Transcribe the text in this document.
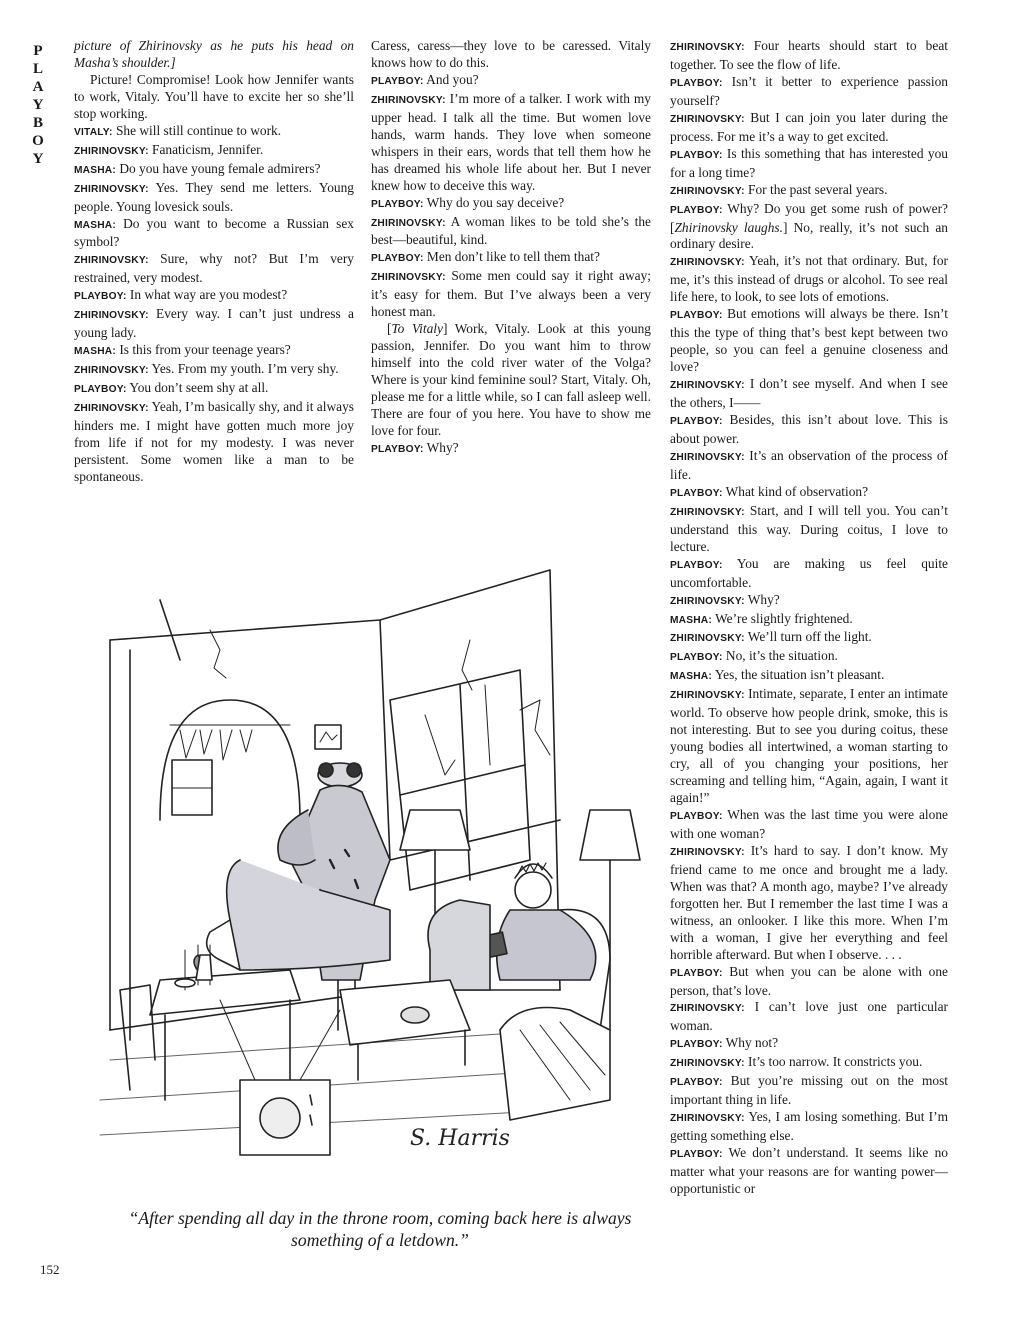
P
L
A
Y
B
O
Y

picture of Zhirinovsky as he puts his head on Masha’s shoulder.]

Picture! Compromise! Look how Jennifer wants to work, Vitaly. You’ll have to excite her so she’ll stop working.

VITALY: She will still continue to work.

ZHIRINOVSKY: Fanaticism, Jennifer.

MASHA: Do you have young female admirers?

ZHIRINOVSKY: Yes. They send me letters. Young people. Young lovesick souls.

MASHA: Do you want to become a Russian sex symbol?

ZHIRINOVSKY: Sure, why not? But I’m very restrained, very modest.

PLAYBOY: In what way are you modest?

ZHIRINOVSKY: Every way. I can’t just undress a young lady.

MASHA: Is this from your teenage years?

ZHIRINOVSKY: Yes. From my youth. I’m very shy.

PLAYBOY: You don’t seem shy at all.

ZHIRINOVSKY: Yeah, I’m basically shy, and it always hinders me. I might have gotten much more joy from life if not for my modesty. I was never persistent. Some women like a man to be spontaneous.

Caress, caress—they love to be caressed. Vitaly knows how to do this.

PLAYBOY: And you?

ZHIRINOVSKY: I’m more of a talker. I work with my upper head. I talk all the time. But women love hands, warm hands. They love when someone whispers in their ears, words that tell them how he has dreamed his whole life about her. But I never knew how to deceive this way.

PLAYBOY: Why do you say deceive?

ZHIRINOVSKY: A woman likes to be told she’s the best—beautiful, kind.

PLAYBOY: Men don’t like to tell them that?

ZHIRINOVSKY: Some men could say it right away; it’s easy for them. But I’ve always been a very honest man.

[To Vitaly] Work, Vitaly. Look at this young passion, Jennifer. Do you want him to throw himself into the cold river water of the Volga? Where is your kind feminine soul? Start, Vitaly. Oh, please me for a little while, so I can fall asleep well. There are four of you here. You have to show me love for four.

PLAYBOY: Why?

ZHIRINOVSKY: Four hearts should start to beat together. To see the flow of life.

PLAYBOY: Isn’t it better to experience passion yourself?

ZHIRINOVSKY: But I can join you later during the process. For me it’s a way to get excited.

PLAYBOY: Is this something that has interested you for a long time?

ZHIRINOVSKY: For the past several years.

PLAYBOY: Why? Do you get some rush of power? [Zhirinovsky laughs.] No, really, it’s not such an ordinary desire.

ZHIRINOVSKY: Yeah, it’s not that ordinary. But, for me, it’s this instead of drugs or alcohol. To see real life here, to look, to see lots of emotions.

PLAYBOY: But emotions will always be there. Isn’t this the type of thing that’s best kept between two people, so you can feel a genuine closeness and love?

ZHIRINOVSKY: I don’t see myself. And when I see the others, I——

PLAYBOY: Besides, this isn’t about love. This is about power.

ZHIRINOVSKY: It’s an observation of the process of life.

PLAYBOY: What kind of observation?

ZHIRINOVSKY: Start, and I will tell you. You can’t understand this way. During coitus, I love to lecture.

PLAYBOY: You are making us feel quite uncomfortable.

ZHIRINOVSKY: Why?

MASHA: We’re slightly frightened.

ZHIRINOVSKY: We’ll turn off the light.

PLAYBOY: No, it’s the situation.

MASHA: Yes, the situation isn’t pleasant.

ZHIRINOVSKY: Intimate, separate, I enter an intimate world. To observe how people drink, smoke, this is not interesting. But to see you during coitus, these young bodies all intertwined, a woman starting to cry, all of you changing your positions, her screaming and telling him, “Again, again, I want it again!”

PLAYBOY: When was the last time you were alone with one woman?

ZHIRINOVSKY: It’s hard to say. I don’t know. My friend came to me once and brought me a lady. When was that? A month ago, maybe? I’ve already forgotten her. But I remember the last time I was a witness, an onlooker. I like this more. When I’m with a woman, I give her everything and feel horrible afterward. But when I observe. . . .

PLAYBOY: But when you can be alone with one person, that’s love.

ZHIRINOVSKY: I can’t love just one particular woman.

PLAYBOY: Why not?

ZHIRINOVSKY: It’s too narrow. It constricts you.

PLAYBOY: But you’re missing out on the most important thing in life.

ZHIRINOVSKY: Yes, I am losing something. But I’m getting something else.

PLAYBOY: We don’t understand. It seems like no matter what your reasons are for wanting power—opportunistic or

S. Harris
“After spending all day in the throne room, coming back here is always something of a letdown.”
152
